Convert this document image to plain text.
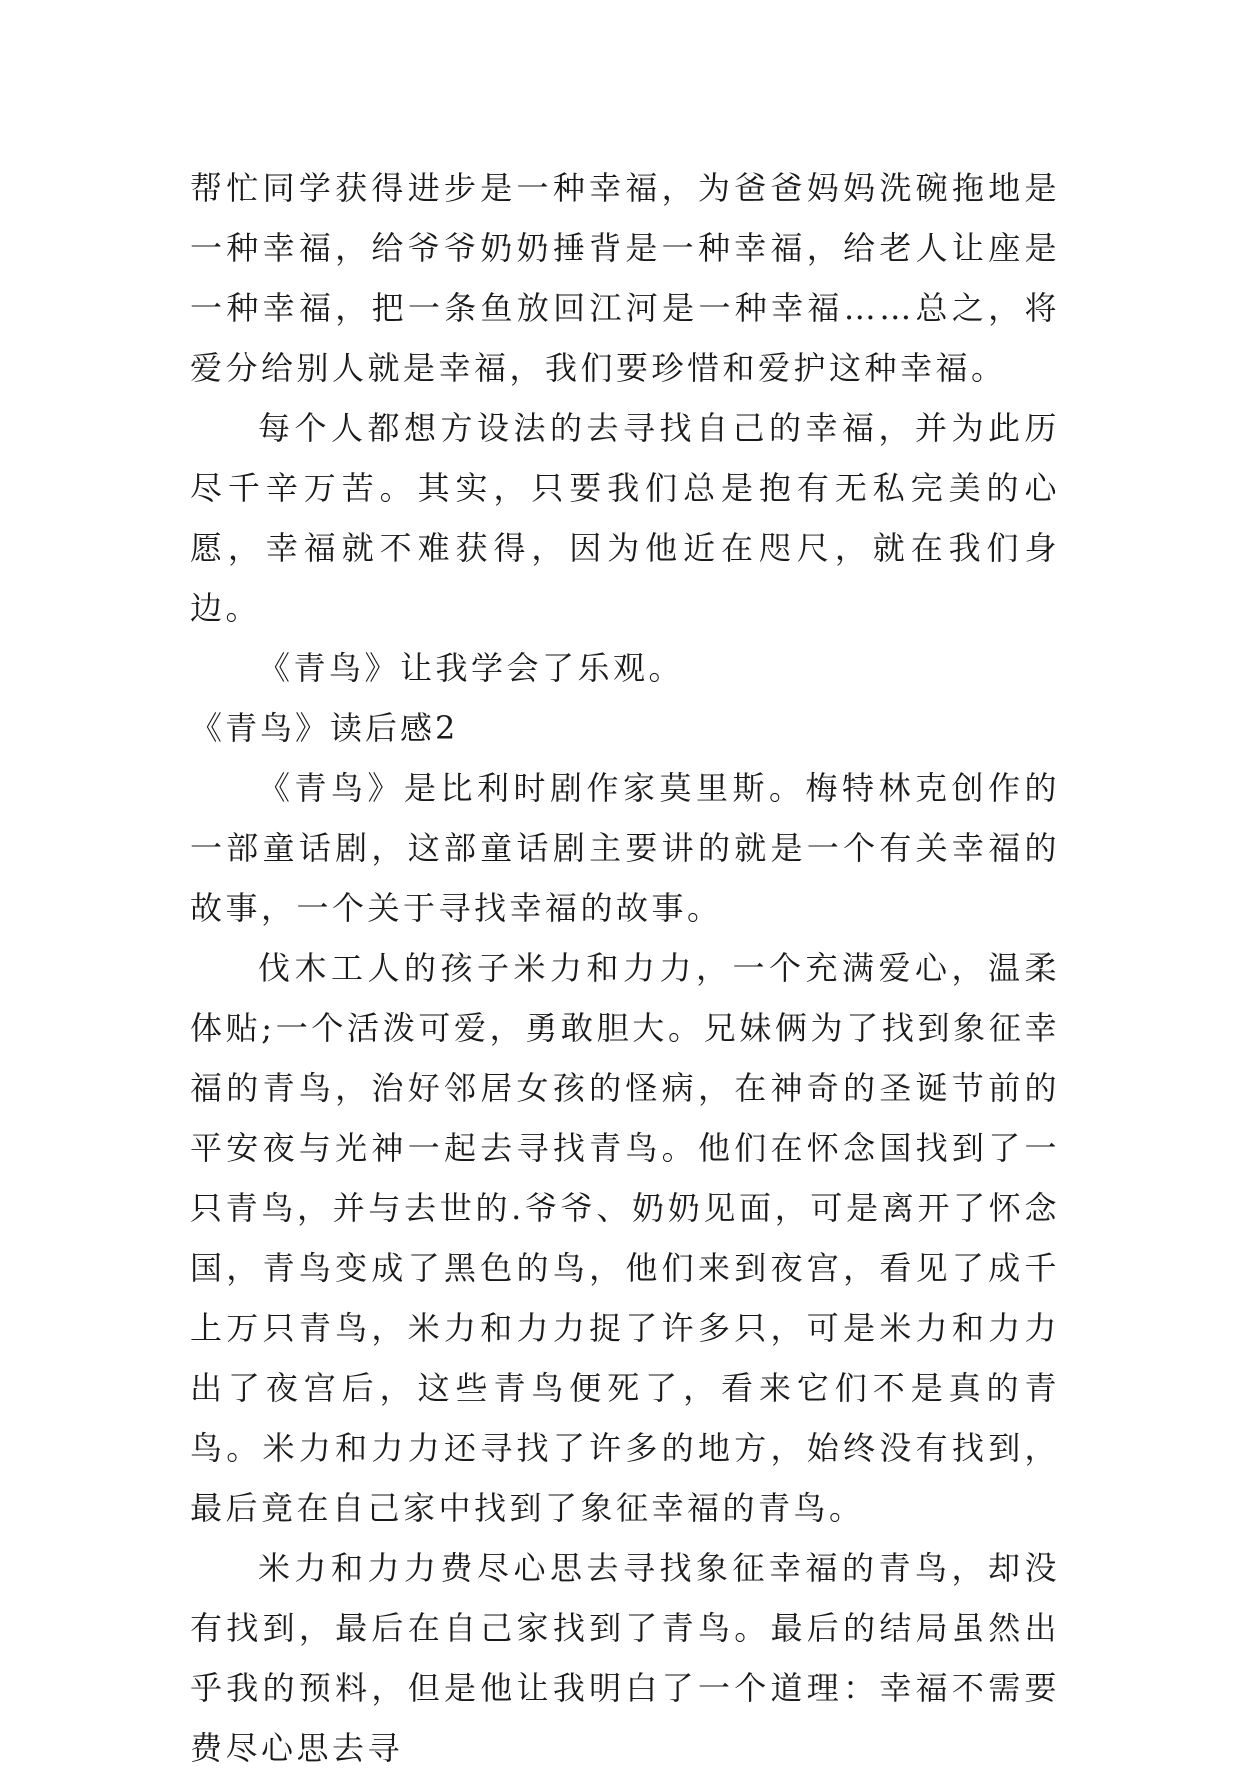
帮忙同学获得进步是一种幸福，为爸爸妈妈洗碗拖地是一种幸福，给爷爷奶奶捶背是一种幸福，给老人让座是一种幸福，把一条鱼放回江河是一种幸福……总之，将爱分给别人就是幸福，我们要珍惜和爱护这种幸福。

每个人都想方设法的去寻找自己的幸福，并为此历尽千辛万苦。其实，只要我们总是抱有无私完美的心愿，幸福就不难获得，因为他近在咫尺，就在我们身边。

《青鸟》让我学会了乐观。

《青鸟》读后感2

《青鸟》是比利时剧作家莫里斯。梅特林克创作的一部童话剧，这部童话剧主要讲的就是一个有关幸福的故事，一个关于寻找幸福的故事。

伐木工人的孩子米力和力力，一个充满爱心，温柔体贴;一个活泼可爱，勇敢胆大。兄妹俩为了找到象征幸福的青鸟，治好邻居女孩的怪病，在神奇的圣诞节前的平安夜与光神一起去寻找青鸟。他们在怀念国找到了一只青鸟，并与去世的.爷爷、奶奶见面，可是离开了怀念国，青鸟变成了黑色的鸟，他们来到夜宫，看见了成千上万只青鸟，米力和力力捉了许多只，可是米力和力力出了夜宫后，这些青鸟便死了，看来它们不是真的青鸟。米力和力力还寻找了许多的地方，始终没有找到，最后竟在自己家中找到了象征幸福的青鸟。

米力和力力费尽心思去寻找象征幸福的青鸟，却没有找到，最后在自己家找到了青鸟。最后的结局虽然出乎我的预料，但是他让我明白了一个道理：幸福不需要费尽心思去寻
